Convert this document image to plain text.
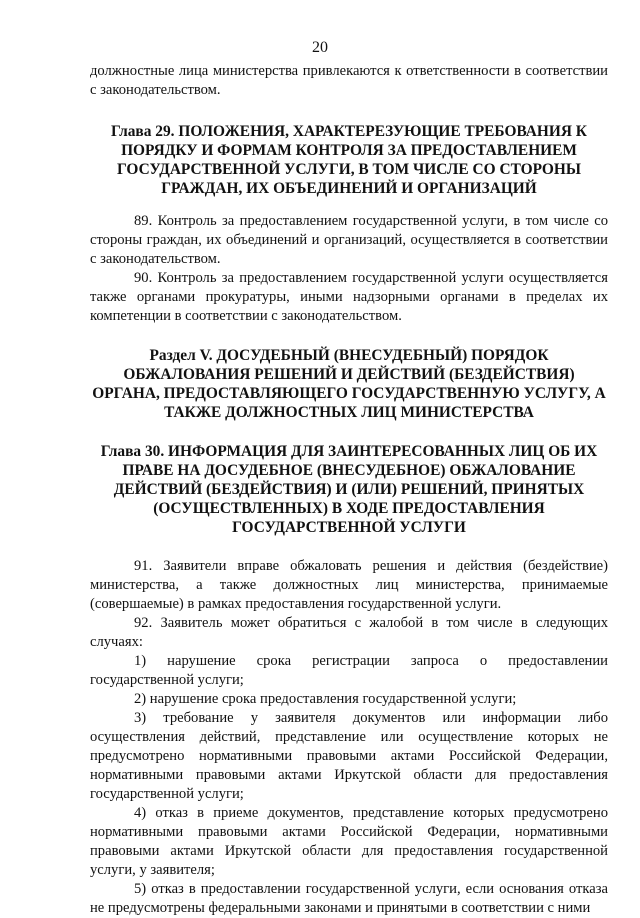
20

должностные лица министерства привлекаются к ответственности в соответствии с законодательством.

Глава 29. ПОЛОЖЕНИЯ, ХАРАКТЕРЕЗУЮЩИЕ ТРЕБОВАНИЯ К ПОРЯДКУ И ФОРМАМ КОНТРОЛЯ ЗА ПРЕДОСТАВЛЕНИЕМ ГОСУДАРСТВЕННОЙ УСЛУГИ, В ТОМ ЧИСЛЕ СО СТОРОНЫ ГРАЖДАН, ИХ ОБЪЕДИНЕНИЙ И ОРГАНИЗАЦИЙ

89. Контроль за предоставлением государственной услуги, в том числе со стороны граждан, их объединений и организаций, осуществляется в соответствии с законодательством.

90. Контроль за предоставлением государственной услуги осуществляется также органами прокуратуры, иными надзорными органами в пределах их компетенции в соответствии с законодательством.

Раздел V. ДОСУДЕБНЫЙ (ВНЕСУДЕБНЫЙ) ПОРЯДОК ОБЖАЛОВАНИЯ РЕШЕНИЙ И ДЕЙСТВИЙ (БЕЗДЕЙСТВИЯ) ОРГАНА, ПРЕДОСТАВЛЯЮЩЕГО ГОСУДАРСТВЕННУЮ УСЛУГУ, А ТАКЖЕ ДОЛЖНОСТНЫХ ЛИЦ МИНИСТЕРСТВА
Глава 30. ИНФОРМАЦИЯ ДЛЯ ЗАИНТЕРЕСОВАННЫХ ЛИЦ ОБ ИХ ПРАВЕ НА ДОСУДЕБНОЕ (ВНЕСУДЕБНОЕ) ОБЖАЛОВАНИЕ ДЕЙСТВИЙ (БЕЗДЕЙСТВИЯ) И (ИЛИ) РЕШЕНИЙ, ПРИНЯТЫХ (ОСУЩЕСТВЛЕННЫХ) В ХОДЕ ПРЕДОСТАВЛЕНИЯ ГОСУДАРСТВЕННОЙ УСЛУГИ

91. Заявители вправе обжаловать решения и действия (бездействие) министерства, а также должностных лиц министерства, принимаемые (совершаемые) в рамках предоставления государственной услуги.

92. Заявитель может обратиться с жалобой в том числе в следующих случаях:

1) нарушение срока регистрации запроса о предоставлении государственной услуги;

2) нарушение срока предоставления государственной услуги;

3) требование у заявителя документов или информации либо осуществления действий, представление или осуществление которых не предусмотрено нормативными правовыми актами Российской Федерации, нормативными правовыми актами Иркутской области для предоставления государственной услуги;

4) отказ в приеме документов, представление которых предусмотрено нормативными правовыми актами Российской Федерации, нормативными правовыми актами Иркутской области для предоставления государственной услуги, у заявителя;

5) отказ в предоставлении государственной услуги, если основания отказа не предусмотрены федеральными законами и принятыми в соответствии с ними
